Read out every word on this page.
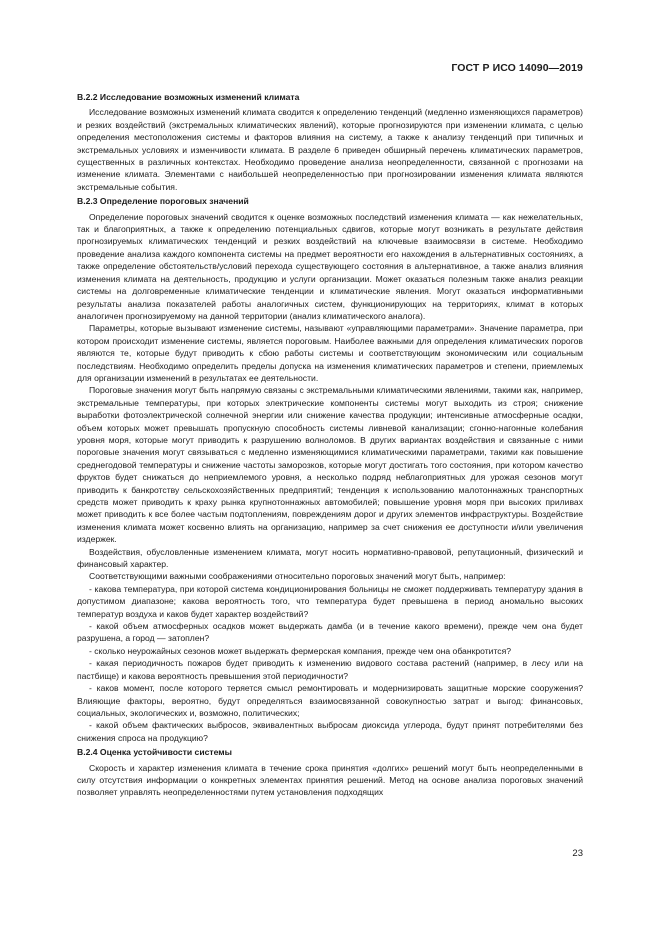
ГОСТ Р ИСО 14090—2019

B.2.2 Исследование возможных изменений климата

Исследование возможных изменений климата сводится к определению тенденций (медленно изменяющихся параметров) и резких воздействий (экстремальных климатических явлений), которые прогнозируются при изменении климата, с целью определения местоположения системы и факторов влияния на систему, а также к анализу тенденций при типичных и экстремальных условиях и изменчивости климата. В разделе 6 приведен обширный перечень климатических параметров, существенных в различных контекстах. Необходимо проведение анализа неопределенности, связанной с прогнозами на изменение климата. Элементами с наибольшей неопределенностью при прогнозировании изменения климата являются экстремальные события.

B.2.3 Определение пороговых значений

Определение пороговых значений сводится к оценке возможных последствий изменения климата — как нежелательных, так и благоприятных, а также к определению потенциальных сдвигов, которые могут возникать в результате действия прогнозируемых климатических тенденций и резких воздействий на ключевые взаимосвязи в системе. Необходимо проведение анализа каждого компонента системы на предмет вероятности его нахождения в альтернативных состояниях, а также определение обстоятельств/условий перехода существующего состояния в альтернативное, а также анализ влияния изменения климата на деятельность, продукцию и услуги организации. Может оказаться полезным также анализ реакции системы на долговременные климатические тенденции и климатические явления. Могут оказаться информативными результаты анализа показателей работы аналогичных систем, функционирующих на территориях, климат в которых аналогичен прогнозируемому на данной территории (анализ климатического аналога).

Параметры, которые вызывают изменение системы, называют «управляющими параметрами». Значение параметра, при котором происходит изменение системы, является пороговым. Наиболее важными для определения климатических порогов являются те, которые будут приводить к сбою работы системы и соответствующим экономическим или социальным последствиям. Необходимо определить пределы допуска на изменения климатических параметров и степени, приемлемых для организации изменений в результатах ее деятельности.

Пороговые значения могут быть напрямую связаны с экстремальными климатическими явлениями, такими как, например, экстремальные температуры, при которых электрические компоненты системы могут выходить из строя; снижение выработки фотоэлектрической солнечной энергии или снижение качества продукции; интенсивные атмосферные осадки, объем которых может превышать пропускную способность системы ливневой канализации; сгонно-нагонные колебания уровня моря, которые могут приводить к разрушению волноломов. В других вариантах воздействия и связанные с ними пороговые значения могут связываться с медленно изменяющимися климатическими параметрами, такими как повышение среднегодовой температуры и снижение частоты заморозков, которые могут достигать того состояния, при котором качество фруктов будет снижаться до неприемлемого уровня, а несколько подряд неблагоприятных для урожая сезонов могут приводить к банкротству сельскохозяйственных предприятий; тенденция к использованию малотоннажных транспортных средств может приводить к краху рынка крупнотоннажных автомобилей; повышение уровня моря при высоких приливах может приводить к все более частым подтоплениям, повреждениям дорог и других элементов инфраструктуры. Воздействие изменения климата может косвенно влиять на организацию, например за счет снижения ее доступности и/или увеличения издержек.

Воздействия, обусловленные изменением климата, могут носить нормативно-правовой, репутационный, физический и финансовый характер.

Соответствующими важными соображениями относительно пороговых значений могут быть, например:

- какова температура, при которой система кондиционирования больницы не сможет поддерживать температуру здания в допустимом диапазоне; какова вероятность того, что температура будет превышена в период аномально высоких температур воздуха и каков будет характер воздействий?

- какой объем атмосферных осадков может выдержать дамба (и в течение какого времени), прежде чем она будет разрушена, а город — затоплен?

- сколько неурожайных сезонов может выдержать фермерская компания, прежде чем она обанкротится?

- какая периодичность пожаров будет приводить к изменению видового состава растений (например, в лесу или на пастбище) и какова вероятность превышения этой периодичности?

- каков момент, после которого теряется смысл ремонтировать и модернизировать защитные морские сооружения? Влияющие факторы, вероятно, будут определяться взаимосвязанной совокупностью затрат и выгод: финансовых, социальных, экологических и, возможно, политических;

- какой объем фактических выбросов, эквивалентных выбросам диоксида углерода, будут принят потребителями без снижения спроса на продукцию?

B.2.4 Оценка устойчивости системы

Скорость и характер изменения климата в течение срока принятия «долгих» решений могут быть неопределенными в силу отсутствия информации о конкретных элементах принятия решений. Метод на основе анализа пороговых значений позволяет управлять неопределенностями путем установления подходящих

23
